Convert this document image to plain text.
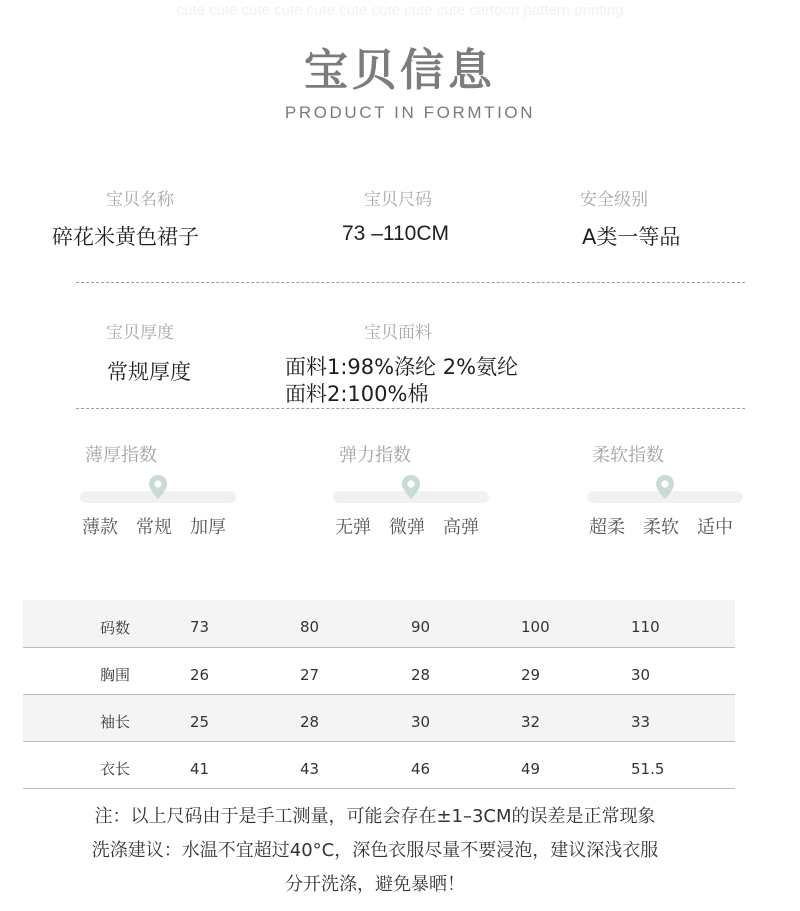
cute cute cute cute cute cute cute cute cute cartoon pattern printing
宝贝信息
PRODUCT IN FORMTION
宝贝名称
碎花米黄色裙子
宝贝尺码
73 –110CM
安全级别
A类一等品
宝贝厚度
常规厚度
宝贝面料
面料1:98%涤纶 2%氨纶
面料2:100%棉
薄厚指数
薄款 常规 加厚
弹力指数
无弹 微弹 高弹
柔软指数
超柔 柔软 适中
码数	73	80	90	100	110
胸围	26	27	28	29	30
袖长	25	28	30	32	33
衣长	41	43	46	49	51.5

注：以上尺码由于是手工测量，可能会存在±1–3CM的误差是正常现象

洗涤建议：水温不宜超过40°C，深色衣服尽量不要浸泡，建议深浅衣服

分开洗涤，避免暴晒！
